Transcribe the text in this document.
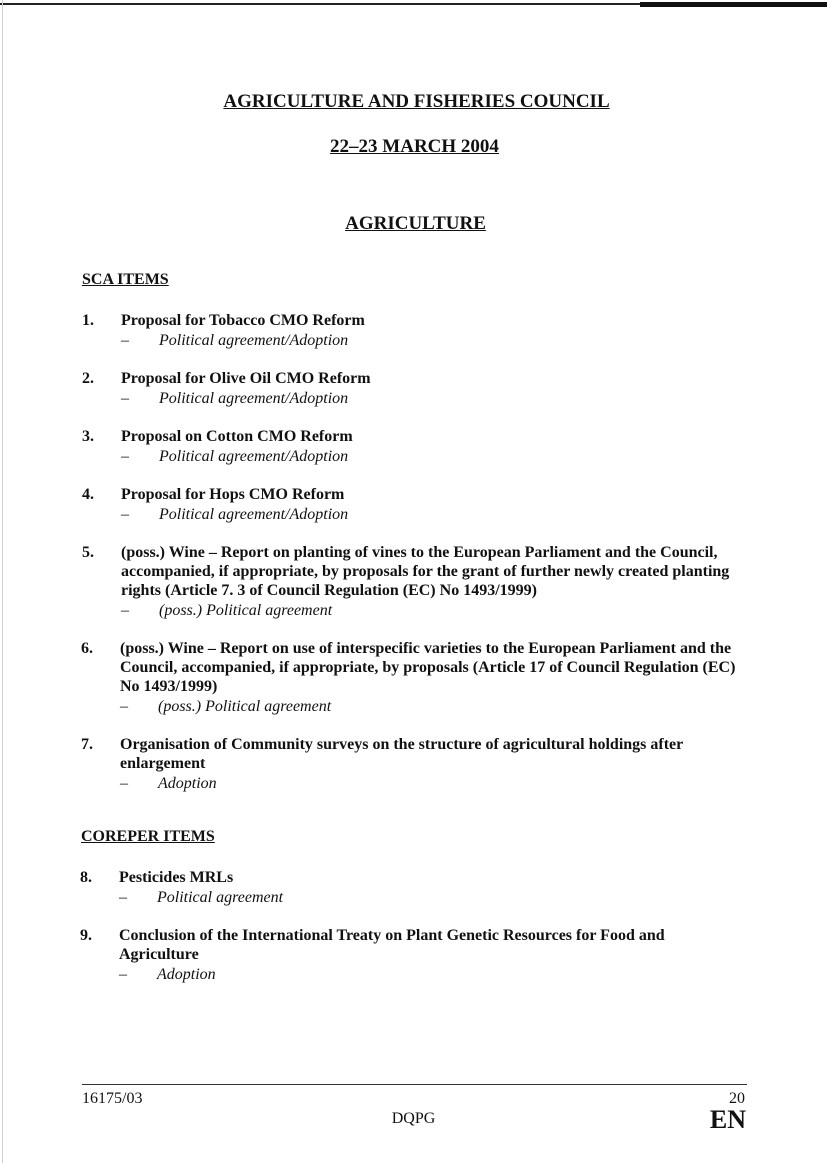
AGRICULTURE AND FISHERIES COUNCIL
22–23 MARCH 2004
AGRICULTURE
SCA ITEMS
1. Proposal for Tobacco CMO Reform
– Political agreement/Adoption
2. Proposal for Olive Oil CMO Reform
– Political agreement/Adoption
3. Proposal on Cotton CMO Reform
– Political agreement/Adoption
4. Proposal for Hops CMO Reform
– Political agreement/Adoption
5. (poss.) Wine – Report on planting of vines to the European Parliament and the Council, accompanied, if appropriate, by proposals for the grant of further newly created planting rights (Article 7. 3 of Council Regulation (EC) No 1493/1999)
– (poss.) Political agreement
6. (poss.) Wine – Report on use of interspecific varieties to the European Parliament and the Council, accompanied, if appropriate, by proposals (Article 17 of Council Regulation (EC) No 1493/1999)
– (poss.) Political agreement
7. Organisation of Community surveys on the structure of agricultural holdings after enlargement
– Adoption
COREPER ITEMS
8. Pesticides MRLs
– Political agreement
9. Conclusion of the International Treaty on Plant Genetic Resources for Food and Agriculture
– Adoption
16175/03	20
DQPG	EN
